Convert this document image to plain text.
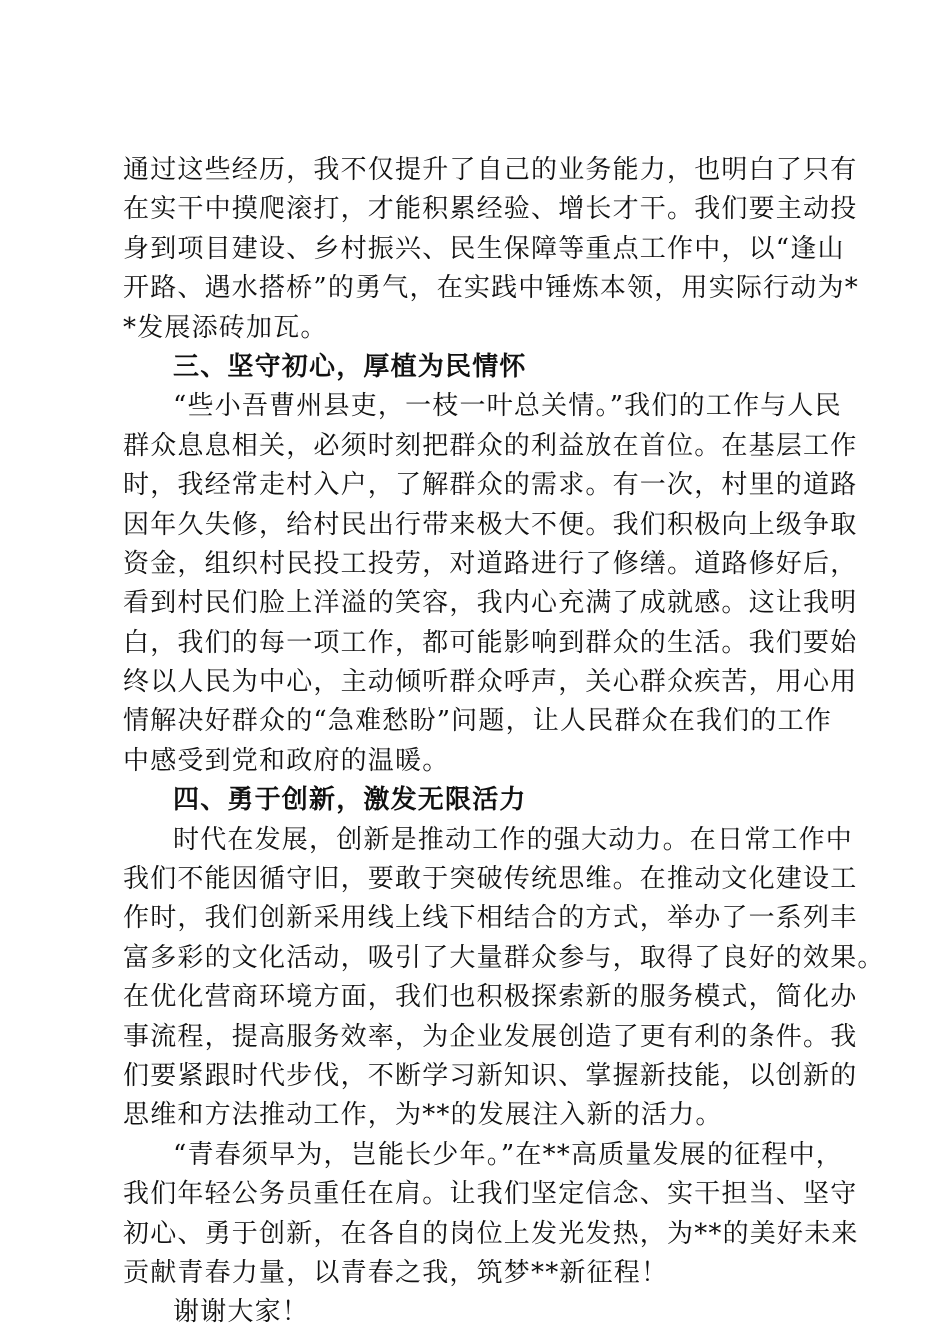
通过这些经历，我不仅提升了自己的业务能力，也明白了只有
在实干中摸爬滚打，才能积累经验、增长才干。我们要主动投
身到项目建设、乡村振兴、民生保障等重点工作中，以“逢山
开路、遇水搭桥”的勇气，在实践中锤炼本领，用实际行动为*
*发展添砖加瓦。
三、坚守初心，厚植为民情怀
“些小吾曹州县吏，一枝一叶总关情。”我们的工作与人民
群众息息相关，必须时刻把群众的利益放在首位。在基层工作
时，我经常走村入户，了解群众的需求。有一次，村里的道路
因年久失修，给村民出行带来极大不便。我们积极向上级争取
资金，组织村民投工投劳，对道路进行了修缮。道路修好后，
看到村民们脸上洋溢的笑容，我内心充满了成就感。这让我明
白，我们的每一项工作，都可能影响到群众的生活。我们要始
终以人民为中心，主动倾听群众呼声，关心群众疾苦，用心用
情解决好群众的“急难愁盼”问题，让人民群众在我们的工作
中感受到党和政府的温暖。
四、勇于创新，激发无限活力
时代在发展，创新是推动工作的强大动力。在日常工作中
我们不能因循守旧，要敢于突破传统思维。在推动文化建设工
作时，我们创新采用线上线下相结合的方式，举办了一系列丰
富多彩的文化活动，吸引了大量群众参与，取得了良好的效果。
在优化营商环境方面，我们也积极探索新的服务模式，简化办
事流程，提高服务效率，为企业发展创造了更有利的条件。我
们要紧跟时代步伐，不断学习新知识、掌握新技能，以创新的
思维和方法推动工作，为**的发展注入新的活力。
“青春须早为，岂能长少年。”在**高质量发展的征程中，
我们年轻公务员重任在肩。让我们坚定信念、实干担当、坚守
初心、勇于创新，在各自的岗位上发光发热，为**的美好未来
贡献青春力量，以青春之我，筑梦**新征程！
谢谢大家！
